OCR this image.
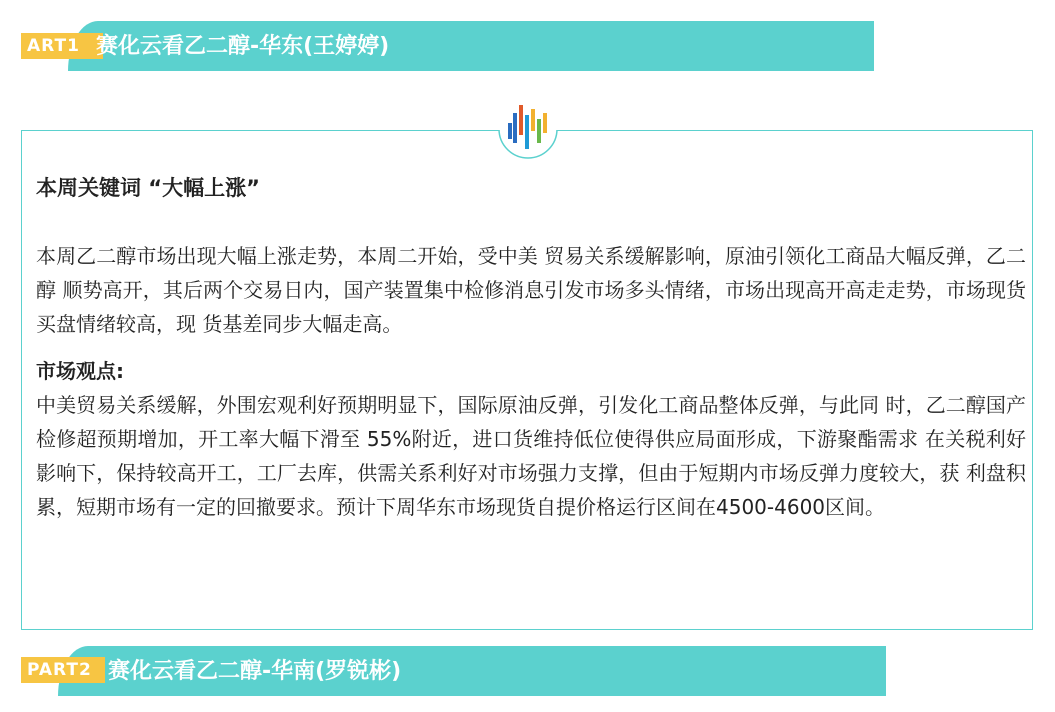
ART1 赛化云看乙二醇-华东(王婷婷)
本周关键词 “大幅上涨”

本周乙二醇市场出现大幅上涨走势，本周二开始，受中美 贸易关系缓解影响，原油引领化工商品大幅反弹，乙二醇 顺势高开，其后两个交易日内，国产装置集中检修消息引发市场多头情绪，市场出现高开高走走势，市场现货买盘情绪较高，现 货基差同步大幅走高。

市场观点:

中美贸易关系缓解，外围宏观利好预期明显下，国际原油反弹，引发化工商品整体反弹，与此同 时，乙二醇国产检修超预期增加，开工率大幅下滑至 55%附近，进口货维持低位使得供应局面形成，下游聚酯需求 在关税利好影响下，保持较高开工，工厂去库，供需关系利好对市场强力支撑，但由于短期内市场反弹力度较大，获 利盘积累，短期市场有一定的回撤要求。预计下周华东市场现货自提价格运行区间在4500-4600区间。

PART2 赛化云看乙二醇-华南(罗锐彬)
